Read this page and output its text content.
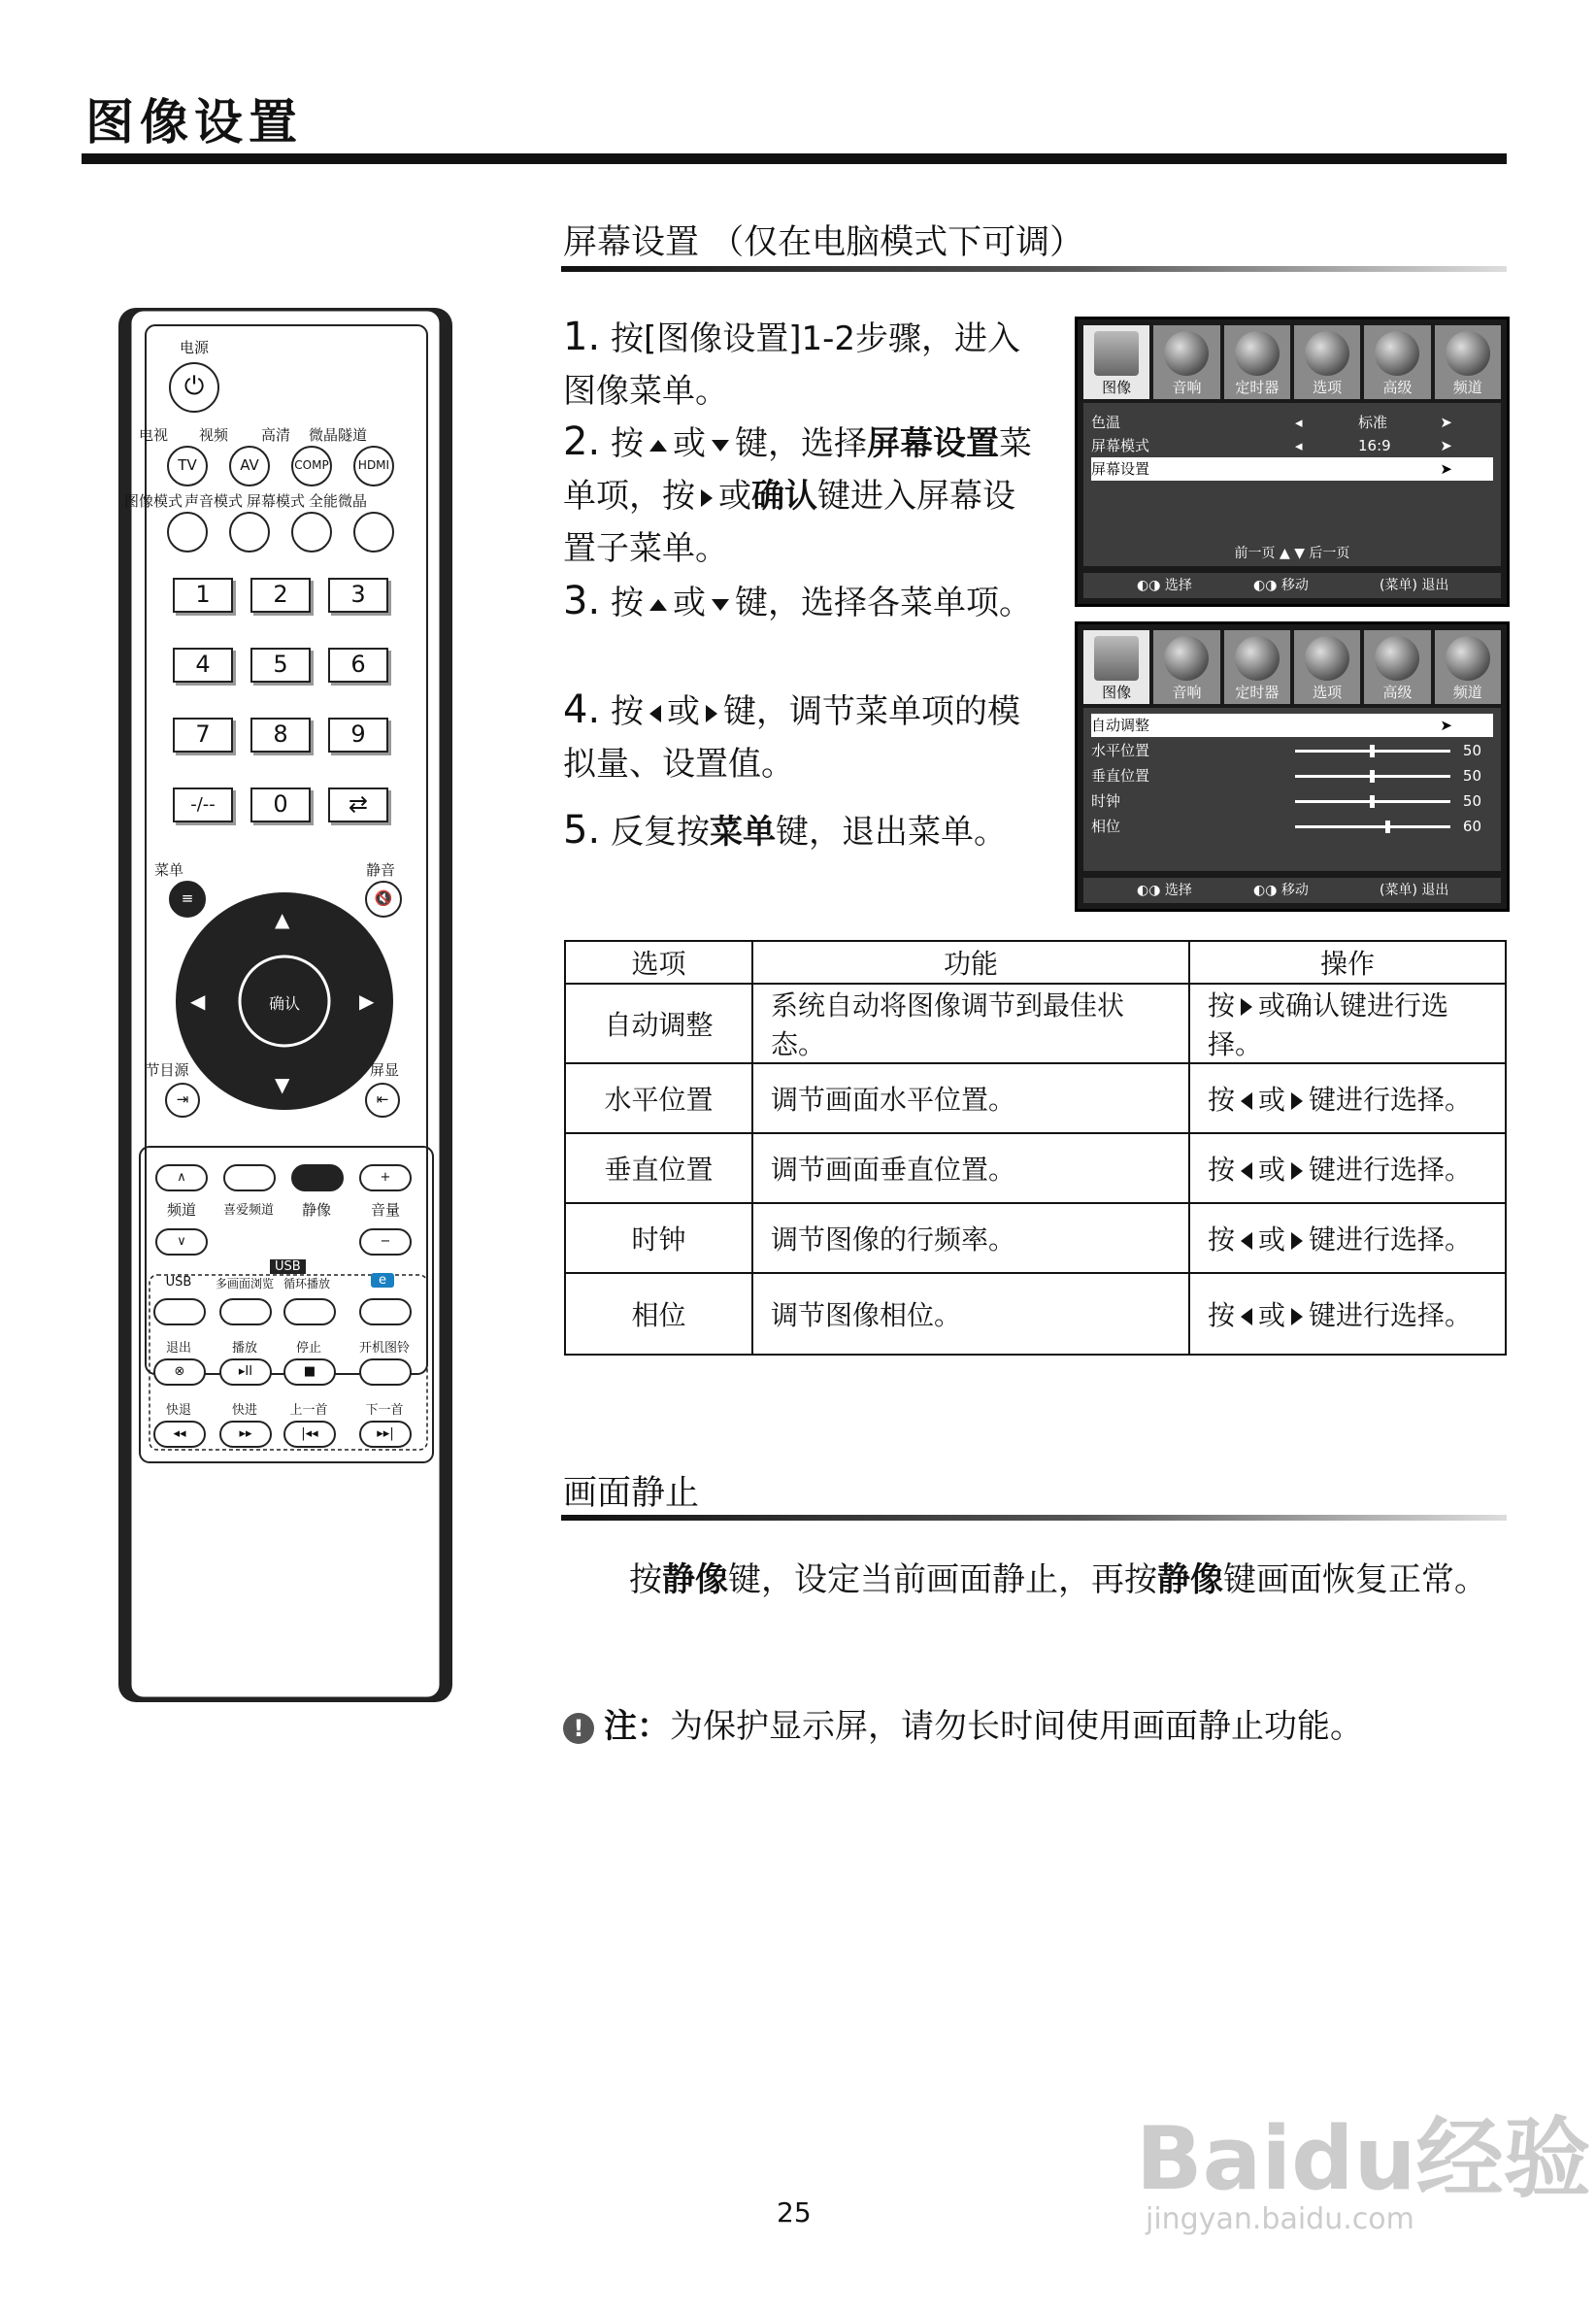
图像设置
屏幕设置 （仅在电脑模式下可调）
1. 按[图像设置]1-2步骤，进入图像菜单。
2. 按 或 键，选择屏幕设置菜单项，按 或确认键进入屏幕设置子菜单。
3. 按 或 键，选择各菜单项。
4. 按 或 键，调节菜单项的模拟量、设置值。
5. 反复按菜单键，退出菜单。
图像	音响 定时器 选项	高级	频道
色温	◂	标准	➤
屏幕模式	◂	16:9	➤
屏幕设置	➤
前一页 ▲ ▼ 后一页
◐◑ 选择	◐◑ 移动	(菜单) 退出
图像	音响 定时器 选项	高级	频道
自动调整	➤
水平位置	50
垂直位置	50
时钟	50
相位	60
◐◑ 选择	◐◑ 移动	(菜单) 退出
选项	功能	操作
自动调整	系统自动将图像调节到最佳状态。	按 或确认键进行选择。
水平位置	调节画面水平位置。	按 或 键进行选择。
垂直位置	调节画面垂直位置。	按 或 键进行选择。
时钟	调节图像的行频率。	按 或 键进行选择。
相位	调节图像相位。	按 或 键进行选择。
画面静止
按静像键，设定当前画面静止，再按静像键画面恢复正常。
! 注：为保护显示屏，请勿长时间使用画面静止功能。
25
Baidu经验
jingyan.baidu.com
电源
⏻
电视	视频	高清	微晶隧道
TV	AV	COMP	HDMI
图像模式 声音模式 屏幕模式 全能微晶
1	2	3
4	5	6
7	8	9
-/--	0	⇄
菜单
≡
静音
🔇
▲
▼
◀	▶
确认
节目源
⇥
屏显
⇤
∧
频道
∨
喜爱频道	静像
+
音量
−
USB
USB	多画面浏览 循环播放	e
退出	播放	停止	开机图铃
⊗	▸II	■
快退	快进	上一首	下一首
◂◂	▸▸	|◂◂	▸▸|
